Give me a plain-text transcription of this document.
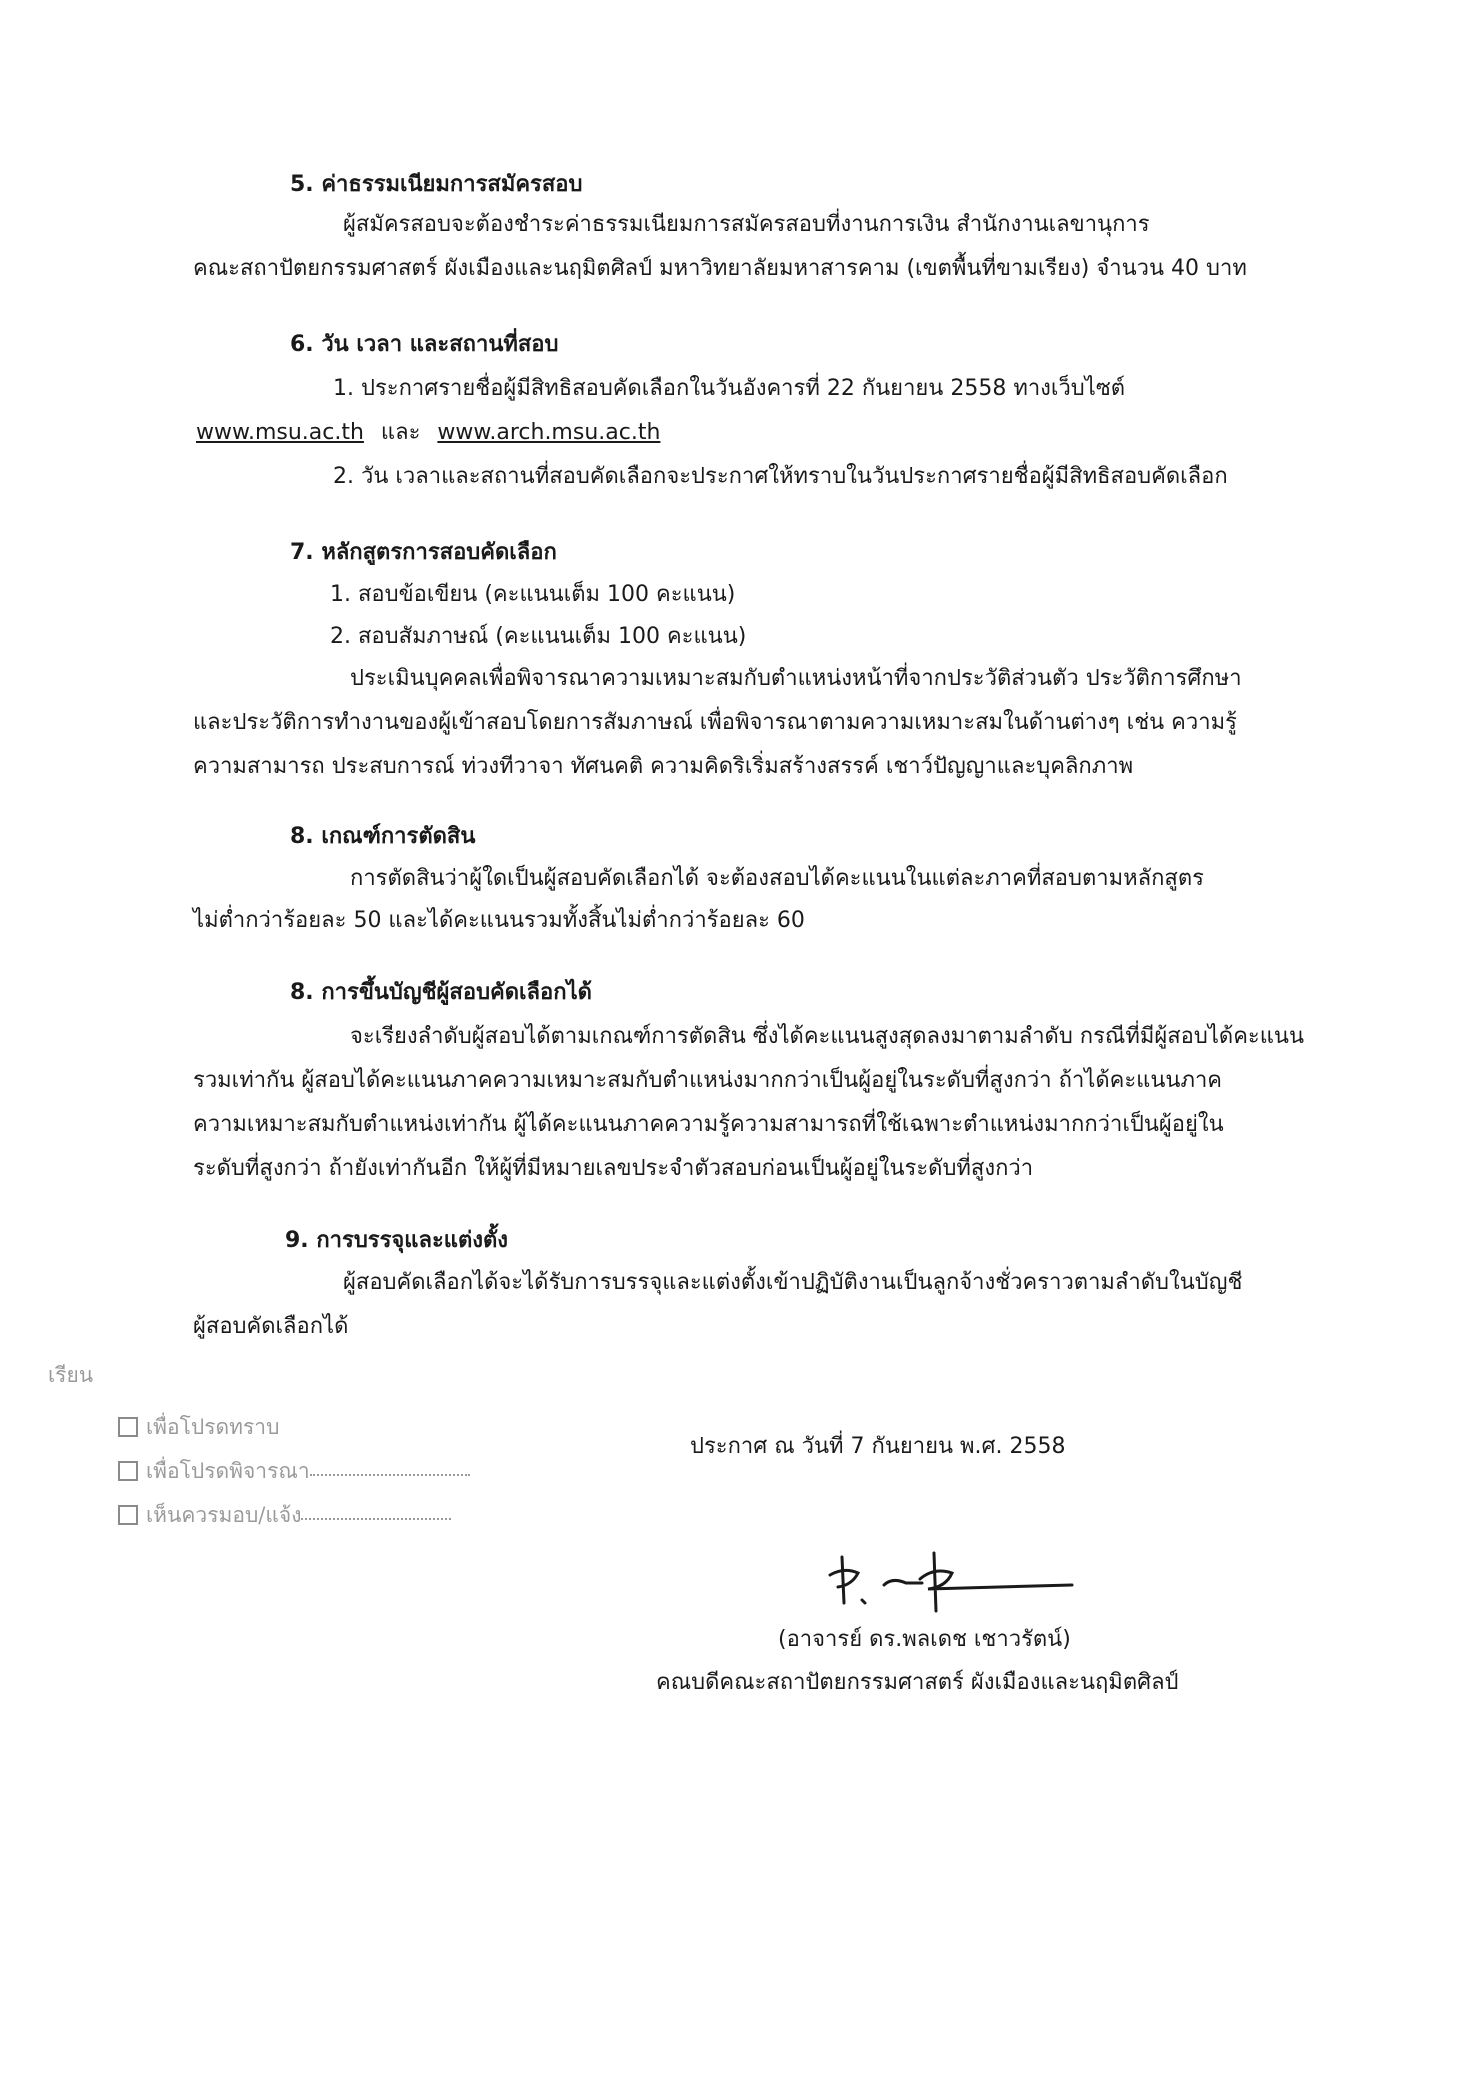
5. ค่าธรรมเนียมการสมัครสอบ
ผู้สมัครสอบจะต้องชำระค่าธรรมเนียมการสมัครสอบที่งานการเงิน สำนักงานเลขานุการ
คณะสถาปัตยกรรมศาสตร์ ผังเมืองและนฤมิตศิลป์ มหาวิทยาลัยมหาสารคาม (เขตพื้นที่ขามเรียง) จำนวน 40 บาท
6. วัน เวลา และสถานที่สอบ
1. ประกาศรายชื่อผู้มีสิทธิสอบคัดเลือกในวันอังคารที่ 22 กันยายน 2558 ทางเว็บไซต์
www.msu.ac.th และ www.arch.msu.ac.th
2. วัน เวลาและสถานที่สอบคัดเลือกจะประกาศให้ทราบในวันประกาศรายชื่อผู้มีสิทธิสอบคัดเลือก
7. หลักสูตรการสอบคัดเลือก
1. สอบข้อเขียน (คะแนนเต็ม 100 คะแนน)
2. สอบสัมภาษณ์ (คะแนนเต็ม 100 คะแนน)
ประเมินบุคคลเพื่อพิจารณาความเหมาะสมกับตำแหน่งหน้าที่จากประวัติส่วนตัว ประวัติการศึกษา
และประวัติการทำงานของผู้เข้าสอบโดยการสัมภาษณ์ เพื่อพิจารณาตามความเหมาะสมในด้านต่างๆ เช่น ความรู้
ความสามารถ ประสบการณ์ ท่วงทีวาจา ทัศนคติ ความคิดริเริ่มสร้างสรรค์ เชาว์ปัญญาและบุคลิกภาพ
8. เกณฑ์การตัดสิน
การตัดสินว่าผู้ใดเป็นผู้สอบคัดเลือกได้ จะต้องสอบได้คะแนนในแต่ละภาคที่สอบตามหลักสูตร
ไม่ต่ำกว่าร้อยละ 50 และได้คะแนนรวมทั้งสิ้นไม่ต่ำกว่าร้อยละ 60
8. การขึ้นบัญชีผู้สอบคัดเลือกได้
จะเรียงลำดับผู้สอบได้ตามเกณฑ์การตัดสิน ซึ่งได้คะแนนสูงสุดลงมาตามลำดับ กรณีที่มีผู้สอบได้คะแนน
รวมเท่ากัน ผู้สอบได้คะแนนภาคความเหมาะสมกับตำแหน่งมากกว่าเป็นผู้อยู่ในระดับที่สูงกว่า ถ้าได้คะแนนภาค
ความเหมาะสมกับตำแหน่งเท่ากัน ผู้ได้คะแนนภาคความรู้ความสามารถที่ใช้เฉพาะตำแหน่งมากกว่าเป็นผู้อยู่ใน
ระดับที่สูงกว่า ถ้ายังเท่ากันอีก ให้ผู้ที่มีหมายเลขประจำตัวสอบก่อนเป็นผู้อยู่ในระดับที่สูงกว่า
9. การบรรจุและแต่งตั้ง
ผู้สอบคัดเลือกได้จะได้รับการบรรจุและแต่งตั้งเข้าปฏิบัติงานเป็นลูกจ้างชั่วคราวตามลำดับในบัญชี
ผู้สอบคัดเลือกได้
เรียน
เพื่อโปรดทราบ
เพื่อโปรดพิจารณา
เห็นควรมอบ/แจ้ง
ประกาศ ณ วันที่ 7 กันยายน พ.ศ. 2558
(อาจารย์ ดร.พลเดช เชาวรัตน์)
คณบดีคณะสถาปัตยกรรมศาสตร์ ผังเมืองและนฤมิตศิลป์
